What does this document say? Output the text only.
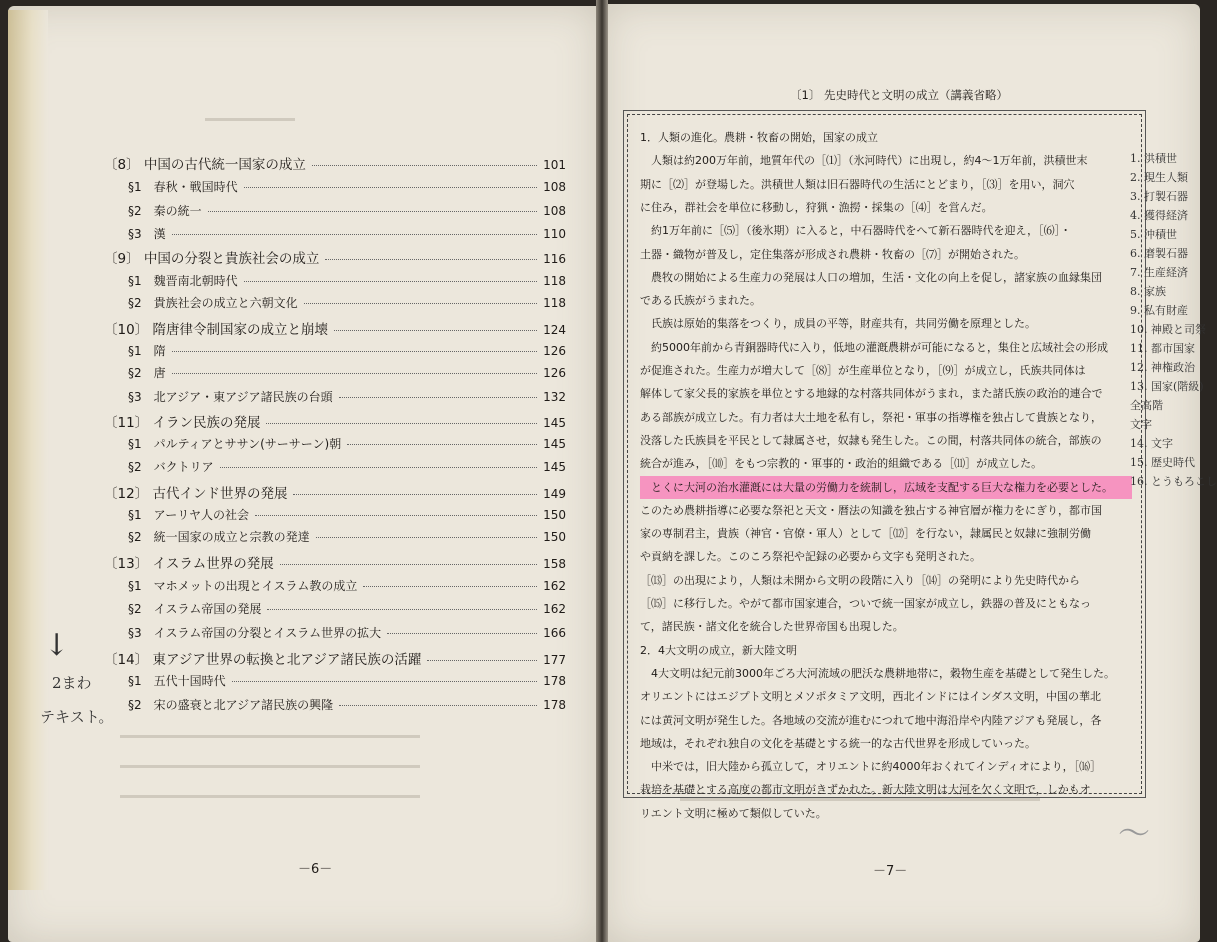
〔8〕 中国の古代統一国家の成立	101
§1　春秋・戦国時代	108
§2　秦の統一	108
§3　漢	110
〔9〕 中国の分裂と貴族社会の成立	116
§1　魏晋南北朝時代	118
§2　貴族社会の成立と六朝文化	118
〔10〕 隋唐律令制国家の成立と崩壊	124
§1　隋	126
§2　唐	126
§3　北アジア・東アジア諸民族の台頭	132
〔11〕 イラン民族の発展	145
§1　パルティアとササン(サーサーン)朝	145
§2　バクトリア	145
〔12〕 古代インド世界の発展	149
§1　アーリヤ人の社会	150
§2　統一国家の成立と宗教の発達	150
〔13〕 イスラム世界の発展	158
§1　マホメットの出現とイスラム教の成立	162
§2　イスラム帝国の発展	162
§3　イスラム帝国の分裂とイスラム世界の拡大	166
〔14〕 東アジア世界の転換と北アジア諸民族の活躍	177
§1　五代十国時代	178
§2　宋の盛衰と北アジア諸民族の興隆	178
↓
2まわ
テキスト。
－6－
〔1〕 先史時代と文明の成立（講義省略）
1．人類の進化。農耕・牧畜の開始，国家の成立
　人類は約200万年前，地質年代の［⑴］（氷河時代）に出現し，約4～1万年前，洪積世末
期に［⑵］が登場した。洪積世人類は旧石器時代の生活にとどまり，［⑶］を用い，洞穴
に住み，群社会を単位に移動し，狩猟・漁撈・採集の［⑷］を営んだ。
　約1万年前に［⑸］（後氷期）に入ると，中石器時代をへて新石器時代を迎え，［⑹］・
土器・織物が普及し，定住集落が形成され農耕・牧畜の［⑺］が開始された。
　農牧の開始による生産力の発展は人口の増加，生活・文化の向上を促し，諸家族の血縁集団
である氏族がうまれた。
　氏族は原始的集落をつくり，成員の平等，財産共有，共同労働を原理とした。
　約5000年前から青銅器時代に入り，低地の灌漑農耕が可能になると，集住と広域社会の形成
が促進された。生産力が増大して［⑻］が生産単位となり，［⑼］が成立し，氏族共同体は
解体して家父長的家族を単位とする地縁的な村落共同体がうまれ，また諸氏族の政治的連合で
ある部族が成立した。有力者は大土地を私有し，祭祀・軍事の指導権を独占して貴族となり，
没落した氏族員を平民として隷属させ，奴隷も発生した。この間，村落共同体の統合，部族の
統合が進み，［⑽］をもつ宗教的・軍事的・政治的組織である［⑾］が成立した。
　とくに大河の治水灌漑には大量の労働力を統制し，広域を支配する巨大な権力を必要とした。
このため農耕指導に必要な祭祀と天文・暦法の知識を独占する神官層が権力をにぎり，都市国
家の専制君主，貴族（神官・官僚・軍人）として［⑿］を行ない，隷属民と奴隷に強制労働
や貢納を課した。このころ祭祀や記録の必要から文字も発明された。
［⒀］の出現により，人類は未開から文明の段階に入り［⒁］の発明により先史時代から
［⒂］に移行した。やがて都市国家連合，ついで統一国家が成立し，鉄器の普及にともなっ
て，諸民族・諸文化を統合した世界帝国も出現した。
2．4大文明の成立，新大陸文明
　4大文明は紀元前3000年ごろ大河流域の肥沃な農耕地帯に，穀物生産を基礎として発生した。
オリエントにはエジプト文明とメソポタミア文明，西北インドにはインダス文明，中国の華北
には黄河文明が発生した。各地域の交流が進むにつれて地中海沿岸や内陸アジアも発展し，各
地域は，それぞれ独自の文化を基礎とする統一的な古代世界を形成していった。
　中米では，旧大陸から孤立して，オリエントに約4000年おくれてインディオにより，［⒃］
栽培を基礎とする高度の都市文明がきずかれた。新大陸文明は大河を欠く文明で，しかもオ
リエント文明に極めて類似していた。
1. 洪積世
2. 現生人類
3. 打製石器
4. 獲得経済
5. 沖積世
6. 磨製石器
7. 生産経済
8. 家族
9. 私有財産
10. 神殿と司祭
11. 都市国家
12. 神権政治
13. 国家(階級)
全高階
文字
14. 文字
15. 歴史時代
16. とうもろこし
〜
－7－
